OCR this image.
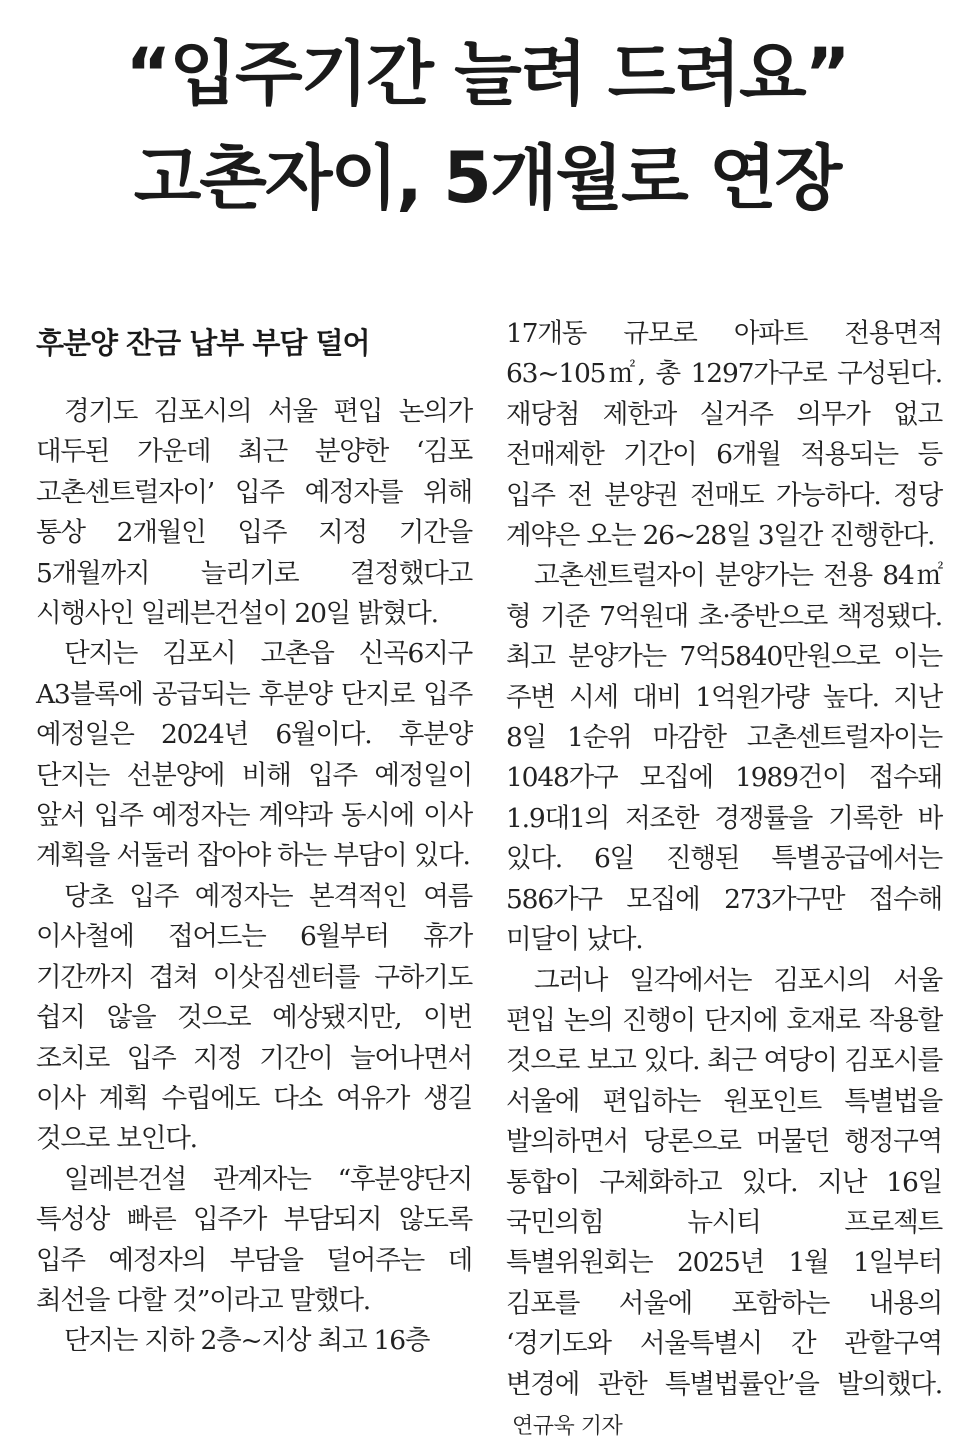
“입주기간 늘려 드려요”
고촌자이, 5개월로 연장
후분양 잔금 납부 부담 덜어

경기도 김포시의 서울 편입 논의가 대두된 가운데 최근 분양한 ‘김포 고촌센트럴자이’ 입주 예정자를 위해 통상 2개월인 입주 지정 기간을 5개월까지 늘리기로 결정했다고 시행사인 일레븐건설이 20일 밝혔다.

단지는 김포시 고촌읍 신곡6지구 A3블록에 공급되는 후분양 단지로 입주 예정일은 2024년 6월이다. 후분양 단지는 선분양에 비해 입주 예정일이 앞서 입주 예정자는 계약과 동시에 이사 계획을 서둘러 잡아야 하는 부담이 있다.

당초 입주 예정자는 본격적인 여름 이사철에 접어드는 6월부터 휴가 기간까지 겹쳐 이삿짐센터를 구하기도 쉽지 않을 것으로 예상됐지만, 이번 조치로 입주 지정 기간이 늘어나면서 이사 계획 수립에도 다소 여유가 생길 것으로 보인다.

일레븐건설 관계자는 “후분양단지 특성상 빠른 입주가 부담되지 않도록 입주 예정자의 부담을 덜어주는 데 최선을 다할 것”이라고 말했다.

단지는 지하 2층~지상 최고 16층

17개동 규모로 아파트 전용면적 63~105㎡, 총 1297가구로 구성된다. 재당첨 제한과 실거주 의무가 없고 전매제한 기간이 6개월 적용되는 등 입주 전 분양권 전매도 가능하다. 정당 계약은 오는 26~28일 3일간 진행한다.

고촌센트럴자이 분양가는 전용 84㎡형 기준 7억원대 초·중반으로 책정됐다. 최고 분양가는 7억5840만원으로 이는 주변 시세 대비 1억원가량 높다. 지난 8일 1순위 마감한 고촌센트럴자이는 1048가구 모집에 1989건이 접수돼 1.9대1의 저조한 경쟁률을 기록한 바 있다. 6일 진행된 특별공급에서는 586가구 모집에 273가구만 접수해 미달이 났다.

그러나 일각에서는 김포시의 서울 편입 논의 진행이 단지에 호재로 작용할 것으로 보고 있다. 최근 여당이 김포시를 서울에 편입하는 원포인트 특별법을 발의하면서 당론으로 머물던 행정구역 통합이 구체화하고 있다. 지난 16일 국민의힘 뉴시티 프로젝트 특별위원회는 2025년 1월 1일부터 김포를 서울에 포함하는 내용의 ‘경기도와 서울특별시 간 관할구역 변경에 관한 특별법률안’을 발의했다.연규욱 기자
